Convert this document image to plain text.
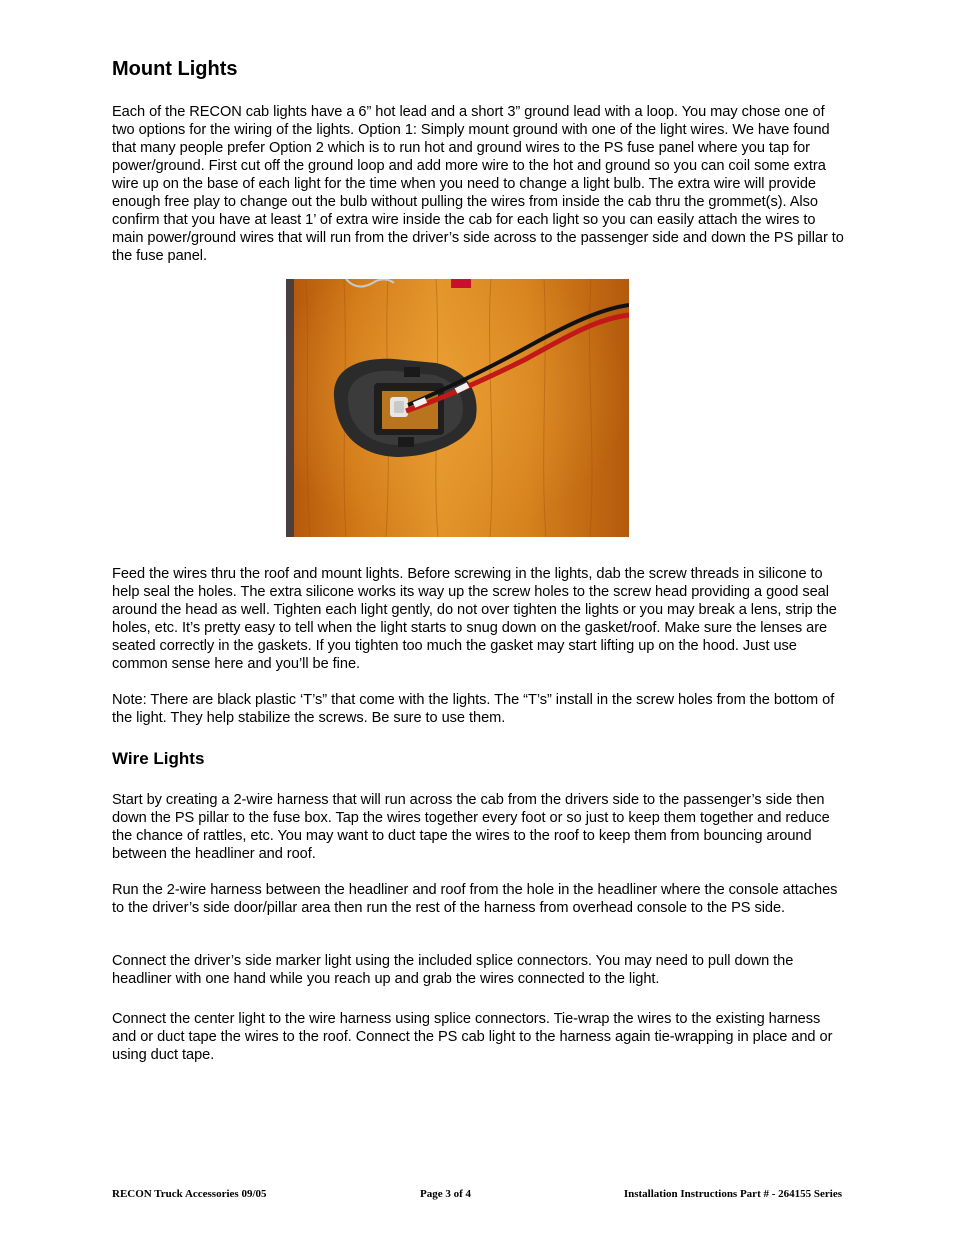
Mount Lights

Each of the RECON cab lights have a 6” hot lead and a short 3” ground lead with a loop. You may chose one of two options for the wiring of the lights. Option 1: Simply mount ground with one of the light wires. We have found that many people prefer Option 2 which is to run hot and ground wires to the PS fuse panel where you tap for power/ground. First cut off the ground loop and add more wire to the hot and ground so you can coil some extra wire up on the base of each light for the time when you need to change a light bulb. The extra wire will provide enough free play to change out the bulb without pulling the wires from inside the cab thru the grommet(s). Also confirm that you have at least 1’ of extra wire inside the cab for each light so you can easily attach the wires to main power/ground wires that will run from the driver’s side across to the passenger side and down the PS pillar to the fuse panel.

Feed the wires thru the roof and mount lights. Before screwing in the lights, dab the screw threads in silicone to help seal the holes. The extra silicone works its way up the screw holes to the screw head providing a good seal around the head as well. Tighten each light gently, do not over tighten the lights or you may break a lens, strip the holes, etc. It’s pretty easy to tell when the light starts to snug down on the gasket/roof. Make sure the lenses are seated correctly in the gaskets. If you tighten too much the gasket may start lifting up on the hood. Just use common sense here and you’ll be fine.

Note: There are black plastic ‘T’s” that come with the lights. The “T’s” install in the screw holes from the bottom of the light. They help stabilize the screws. Be sure to use them.

Wire Lights

Start by creating a 2-wire harness that will run across the cab from the drivers side to the passenger’s side then down the PS pillar to the fuse box. Tap the wires together every foot or so just to keep them together and reduce the chance of rattles, etc. You may want to duct tape the wires to the roof to keep them from bouncing around between the headliner and roof.

Run the 2-wire harness between the headliner and roof from the hole in the headliner where the console attaches to the driver’s side door/pillar area then run the rest of the harness from overhead console to the PS side.

Connect the driver’s side marker light using the included splice connectors. You may need to pull down the headliner with one hand while you reach up and grab the wires connected to the light.

Connect the center light to the wire harness using splice connectors. Tie-wrap the wires to the existing harness and or duct tape the wires to the roof. Connect the PS cab light to the harness again tie-wrapping in place and or using duct tape.

RECON Truck Accessories 09/05	Page 3 of 4	Installation Instructions Part # - 264155 Series
